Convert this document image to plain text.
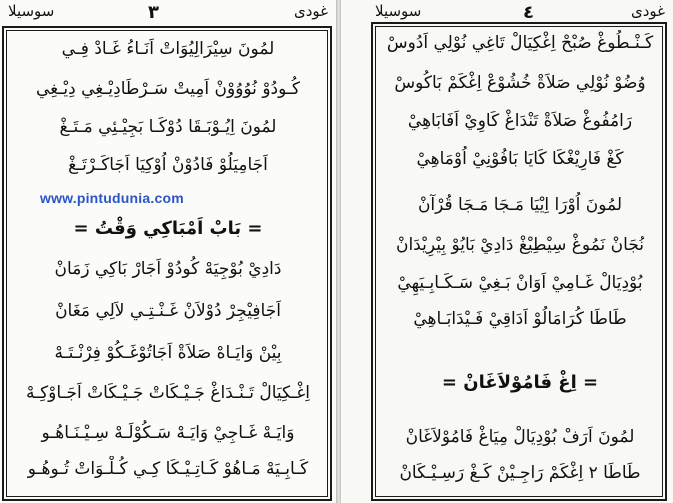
سوسيلا	٣	غودى
لمُونَ سِيْرَالِيُوَاتْ اَنَـاءُ غَـادْ فِـي
كُـودُوْ نُوُوُوْنْ اَمِيتْ سَـرْطَادِيْـغِي دِيْـغِي
لمُونَ اِيُـوْبَـقَا دُوْكَـا بَجِيْـئِي مَـتَـغْ
اَجَامِيَلُوْ فَادُوْنْ اُوْكِيَا اَجَاكَـرْتَـغْ
www.pintudunia.com
= بَابْ اَمْبَاكِي وَقْتُ =
دَادِيْ بُوْجِيَهْ كُودُوْ اَجَارْ بَاكِي زَمَانْ
اَجَافِيْجِرْ دُوْلاَنْ غَـنْـتِـي لاَلِي مَغَانْ
بِيْنْ وَايَـاهْ صَلاَةْ اَجَاتُوْغَـكُوْ فِرْنْـتَـهْ
اِغْـكِيَالْ تَـنْـدَاغْ جَـيْـكَاتْ جَـيْـكَاتْ اَجَـاوْكِـهْ
وَايَـهْ غَـاجِيْ وَايَـهْ سَـكُوْلَـهْ سِـيْـنَـاهُـو
كَـابِـيَهْ مَـاهُوْ كَـاتِـيْـكَا كِـي كُـلْـوَاتْ تُـوهُـو
سوسيلا	٤	غودى
كَـنْـطُوغْ صُبْحْ اِغْكِيَالْ تَاغِي نُوْلِي اَدُوسْ
وُضُوْ نُوْلِي صَلاَةْ خُشُوْعْ اِغْكَمْ بَاكُوسْ
رَامُفُوغْ صَلاَةْ تَنْدَاغْ كَاوِيْ اَفَابَاهِيْ
كَغْ فَارِيْغْكَا كَايَا بَافُوْنِيْ اُوْمَاهِيْ
لمُونَ اُوْرَا اِيْيَا مَـجَا مَـجَا قُرْآنْ
نُجَانْ نَمُوغْ سِيْطِيْغْ دَادِيْ بَايُوْ بِيْرِيْدَانْ
بُوْدِيَالْ غَـامِيْ اَوَانْ بَـغِيْ سَـكَـابِـيَهِيْ
طَاطَا كُرَامَالُوْ اَدَاقِيْ فَـيْدَابَـاهِيْ
= اِغْ فَامُوْلاَغَانْ =
لمُونَ اَرَفْ بُوْدِيَالْ مِيَاغْ فَامُوْلاَغَانْ
طَاطَا ٢ اِغْكَمْ رَاجِـيْنْ كَـغْ رَسِـيْـكَانْ
